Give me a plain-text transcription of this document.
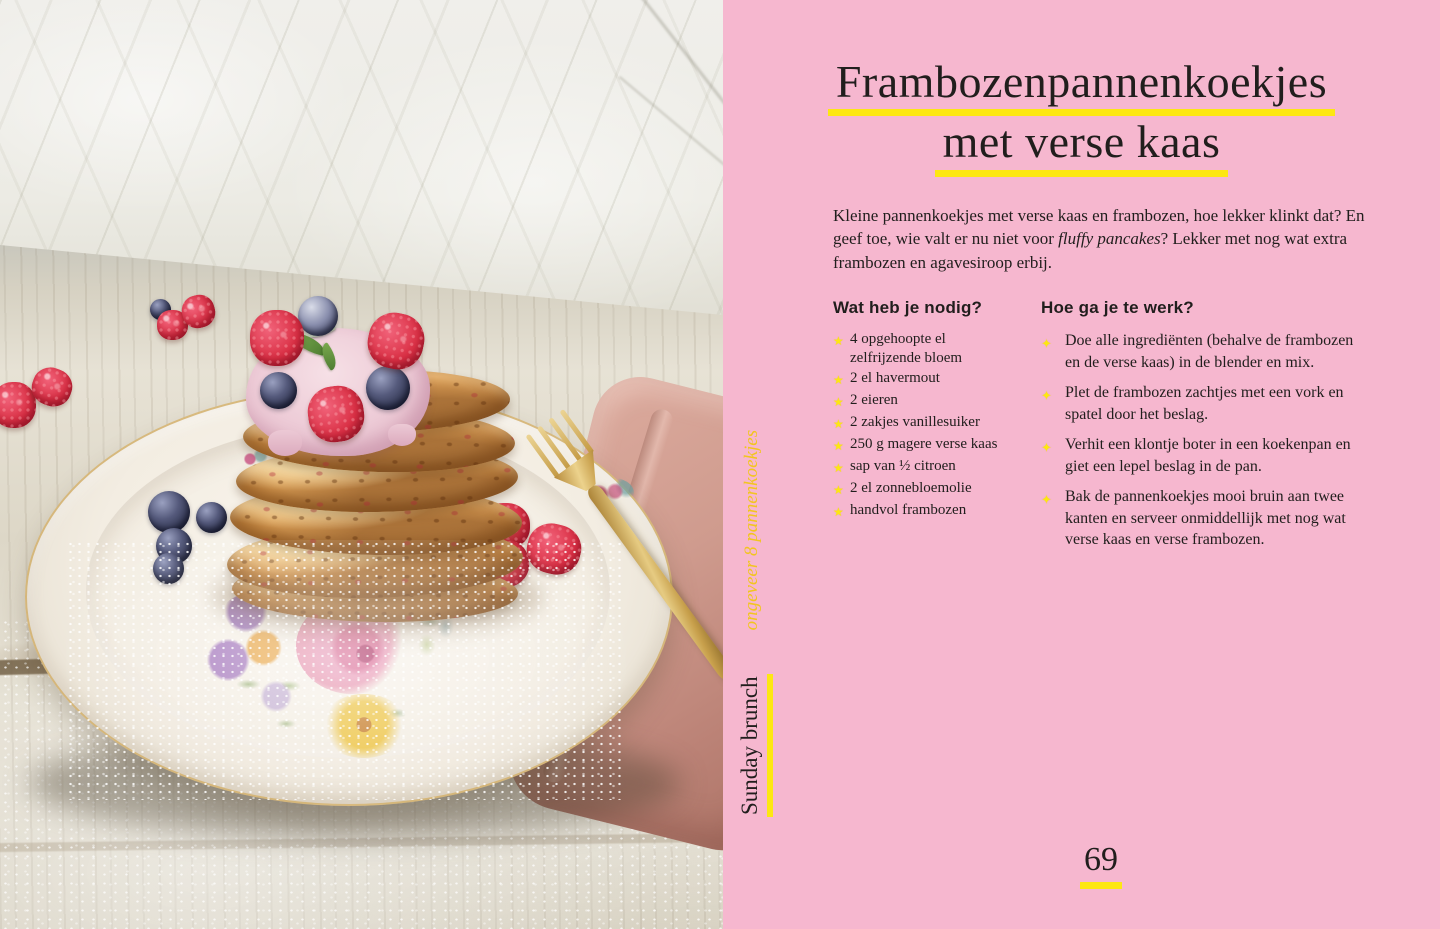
Frambozenpannenkoekjes
met verse kaas

Kleine pannenkoekjes met verse kaas en frambozen, hoe lekker klinkt dat? En geef toe, wie valt er nu niet voor fluffy pancakes? Lekker met nog wat extra frambozen en agavesiroop erbij.

Wat heb je nodig?
★ 4 opgehoopte el zelfrijzende bloem
★ 2 el havermout
★ 2 eieren
★ 2 zakjes vanillesuiker
★ 250 g magere verse kaas
★ sap van ½ citroen
★ 2 el zonnebloemolie
★ handvol frambozen
Hoe ga je te werk?
✦ Doe alle ingrediënten (behalve de frambozen en de verse kaas) in de blender en mix.
✦ Plet de frambozen zachtjes met een vork en spatel door het beslag.
✦ Verhit een klontje boter in een koekenpan en giet een lepel beslag in de pan.
✦ Bak de pannenkoekjes mooi bruin aan twee kanten en serveer onmiddellijk met nog wat verse kaas en verse frambozen.
Sunday brunch
ongeveer 8 pannenkoekjes
69
